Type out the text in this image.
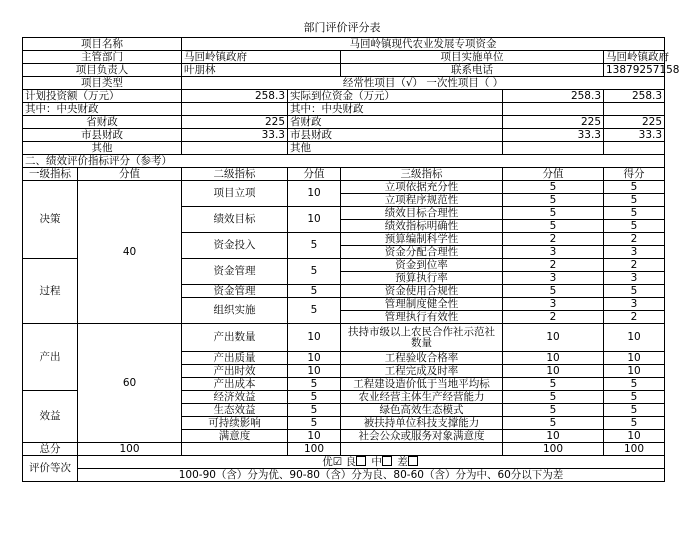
部门评价评分表
项目名称		马回岭镇现代农业发展专项资金				
主管部门		马回岭镇政府		项目实施单位		马回岭镇政府
项目负责人		叶朋林		联系电话		13879257158
项目类型		经常性项目（√） 一次性项目（ ）				
计划投资额（万元）		258.3	实际到位资金（万元）		258.3	258.3
其中：中央财政			其中：中央财政			
省财政		225	省财政		225	225
市县财政		33.3	市县财政		33.3	33.3
其他			其他			
二、绩效评价指标评分（参考）						
一级指标	分值	二级指标	分值	三级指标	分值	得分
决策	40	项目立项	10	立项依据充分性	5	5
				立项程序规范性	5	5
		绩效目标	10	绩效目标合理性	5	5
				绩效指标明确性	5	5
		资金投入	5	预算编制科学性	2	2
				资金分配合理性	3	3
过程		资金管理	5	资金到位率	2	2
				预算执行率	3	3
		资金管理	5	资金使用合规性	5	5
		组织实施	5	管理制度健全性	3	3
				管理执行有效性	2	2
产出	60	产出数量	10	扶持市级以上农民合作社示范社数量	10	10
		产出质量	10	工程验收合格率	10	10
		产出时效	10	工程完成及时率	10	10
		产出成本	5	工程建设造价低于当地平均标	5	5
效益		经济效益	5	农业经营主体生产经营能力	5	5
		生态效益	5	绿色高效生态模式	5	5
		可持续影响	5	被扶持单位科技支撑能力	5	5
		满意度	10	社会公众或服务对象满意度	10	10
总分	100		100		100	100
评价等次	优☑ 良 中 差					
	100-90（含）分为优、90-80（含）分为良、80-60（含）分为中、60分以下为差					
